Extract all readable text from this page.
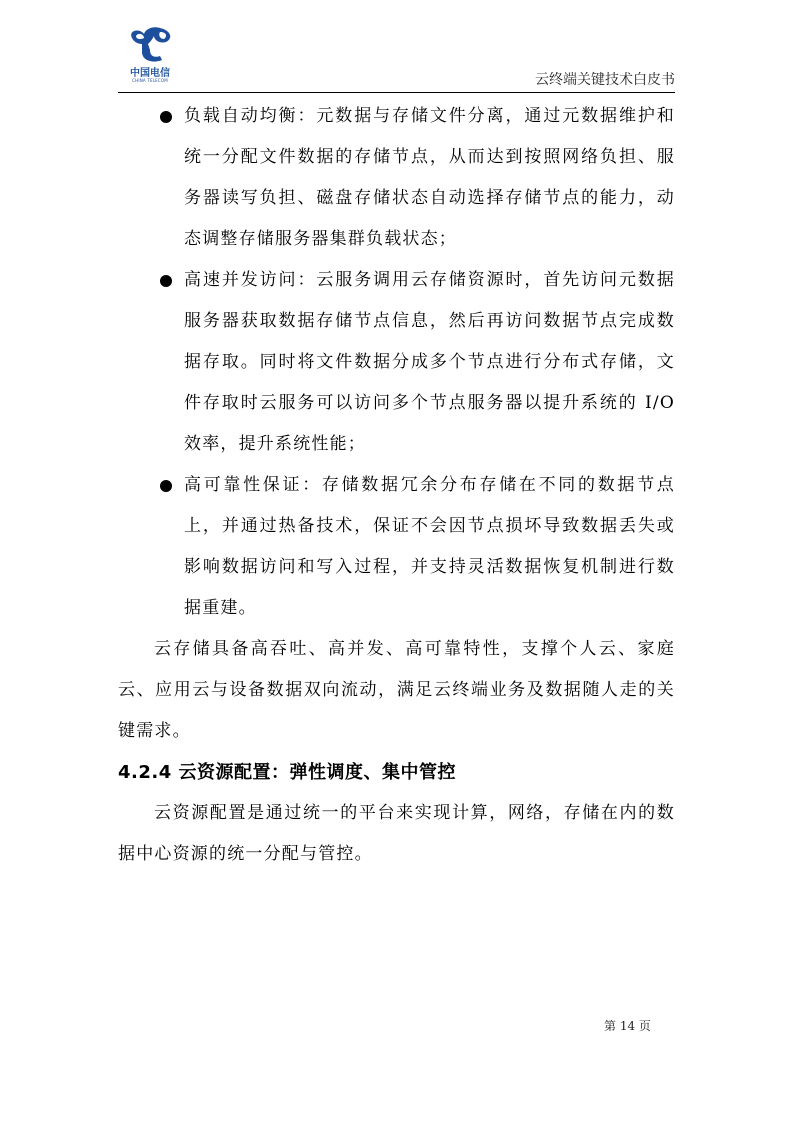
中国电信
CHINA TELECOM	云终端关键技术白皮书

负载自动均衡：元数据与存储文件分离，通过元数据维护和统一分配文件数据的存储节点，从而达到按照网络负担、服务器读写负担、磁盘存储状态自动选择存储节点的能力，动态调整存储服务器集群负载状态；

高速并发访问：云服务调用云存储资源时，首先访问元数据服务器获取数据存储节点信息，然后再访问数据节点完成数据存取。同时将文件数据分成多个节点进行分布式存储，文件存取时云服务可以访问多个节点服务器以提升系统的 I/O 效率，提升系统性能；

高可靠性保证：存储数据冗余分布存储在不同的数据节点上，并通过热备技术，保证不会因节点损坏导致数据丢失或影响数据访问和写入过程，并支持灵活数据恢复机制进行数据重建。

云存储具备高吞吐、高并发、高可靠特性，支撑个人云、家庭云、应用云与设备数据双向流动，满足云终端业务及数据随人走的关键需求。

4.2.4 云资源配置：弹性调度、集中管控

云资源配置是通过统一的平台来实现计算，网络，存储在内的数据中心资源的统一分配与管控。

第 14 页
